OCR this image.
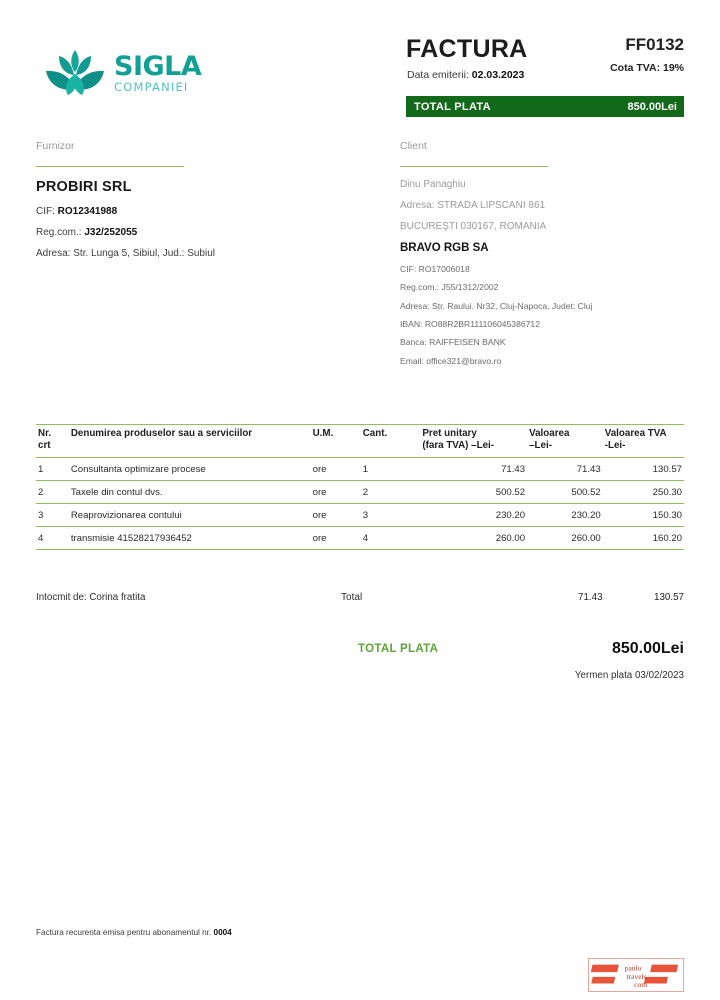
SIGLA
COMPANIEI
FACTURA
Data emiterii: 02.03.2023
FF0132
Cota TVA: 19%
TOTAL PLATA	850.00Lei
Furnizor
PROBIRI SRL
CIF: RO12341988
Reg.com.: J32/252055
Adresa: Str. Lunga 5, Sibiul, Jud.: Subiul
Client
Dinu Panaghiu
Adresa: STRADA LIPSCANI 861
BUCUREŞTI 030167, ROMANIA
BRAVO RGB SA
CIF: RO17006018
Reg.com.: J55/1312/2002
Adresa: Str. Raului. Nr32, Cluj-Napoca, Judet: Cluj
IBAN: RO88R2BR111106045386712
Banca: RAIFFEISEN BANK
Email: office321@bravo.ro
Nr.	Denumirea produselor sau a serviciilor	U.M.	Cant.	Pret unitary	Valoarea	Valoarea TVA
crt				(fara TVA) –Lei-	–Lei-	-Lei-
1	Consultanta optimizare procese	ore	1	71.43	71.43	130.57
2	Taxele din contul dvs.	ore	2	500.52	500.52	250.30
3	Reaprovizionarea contului	ore	3	230.20	230.20	150.30
4	transmisie 41528217936452	ore	4	260.00	260.00	160.20
Intocmit de: Corina fratita	Total	71.43	130.57
TOTAL PLATA	850.00Lei
Yermen plata 03/02/2023
Factura recurenta emisa pentru abonamentul nr. 0004
paulo
travels.
com
